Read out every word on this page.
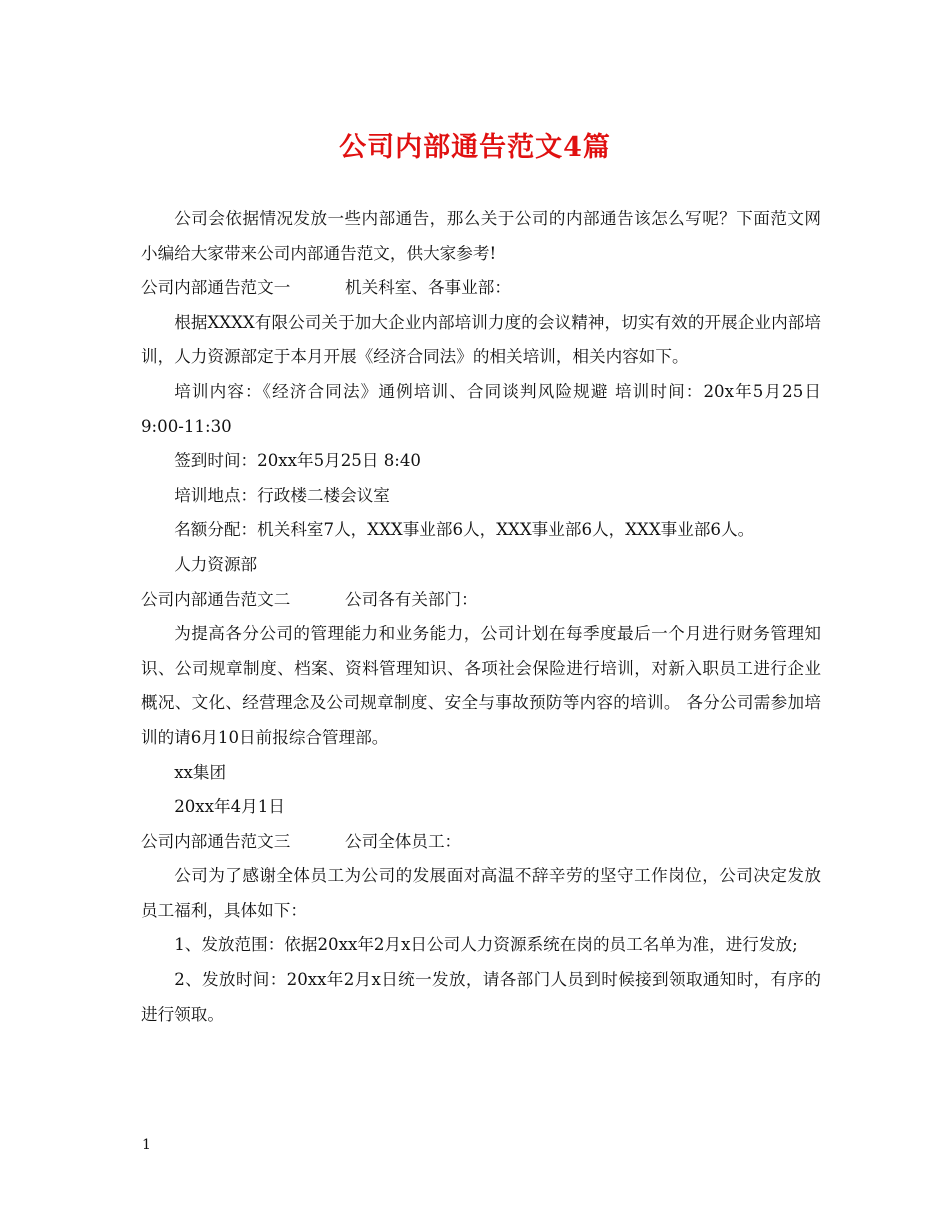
公司内部通告范文4篇

公司会依据情况发放一些内部通告，那么关于公司的内部通告该怎么写呢？下面范文网小编给大家带来公司内部通告范文，供大家参考!

公司内部通告范文一	机关科室、各事业部：

根据XXXX有限公司关于加大企业内部培训力度的会议精神，切实有效的开展企业内部培训，人力资源部定于本月开展《经济合同法》的相关培训，相关内容如下。

培训内容：《经济合同法》通例培训、合同谈判风险规避 培训时间：20x年5月25日 9:00-11:30

签到时间：20xx年5月25日 8:40

培训地点：行政楼二楼会议室

名额分配：机关科室7人，XXX事业部6人，XXX事业部6人，XXX事业部6人。

人力资源部

公司内部通告范文二	公司各有关部门：

为提高各分公司的管理能力和业务能力，公司计划在每季度最后一个月进行财务管理知识、公司规章制度、档案、资料管理知识、各项社会保险进行培训，对新入职员工进行企业概况、文化、经营理念及公司规章制度、安全与事故预防等内容的培训。 各分公司需参加培训的请6月10日前报综合管理部。

xx集团

20xx年4月1日

公司内部通告范文三	公司全体员工：

公司为了感谢全体员工为公司的发展面对高温不辞辛劳的坚守工作岗位，公司决定发放员工福利，具体如下：

1、发放范围：依据20xx年2月x日公司人力资源系统在岗的员工名单为准，进行发放;

2、发放时间：20xx年2月x日统一发放，请各部门人员到时候接到领取通知时，有序的进行领取。

1
